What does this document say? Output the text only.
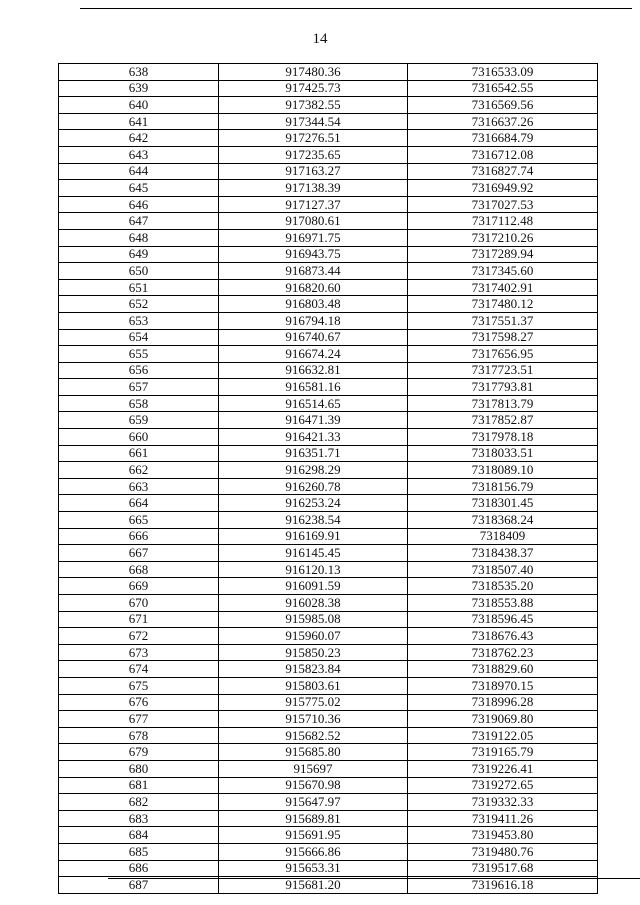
14
638	917480.36	7316533.09
639	917425.73	7316542.55
640	917382.55	7316569.56
641	917344.54	7316637.26
642	917276.51	7316684.79
643	917235.65	7316712.08
644	917163.27	7316827.74
645	917138.39	7316949.92
646	917127.37	7317027.53
647	917080.61	7317112.48
648	916971.75	7317210.26
649	916943.75	7317289.94
650	916873.44	7317345.60
651	916820.60	7317402.91
652	916803.48	7317480.12
653	916794.18	7317551.37
654	916740.67	7317598.27
655	916674.24	7317656.95
656	916632.81	7317723.51
657	916581.16	7317793.81
658	916514.65	7317813.79
659	916471.39	7317852.87
660	916421.33	7317978.18
661	916351.71	7318033.51
662	916298.29	7318089.10
663	916260.78	7318156.79
664	916253.24	7318301.45
665	916238.54	7318368.24
666	916169.91	7318409
667	916145.45	7318438.37
668	916120.13	7318507.40
669	916091.59	7318535.20
670	916028.38	7318553.88
671	915985.08	7318596.45
672	915960.07	7318676.43
673	915850.23	7318762.23
674	915823.84	7318829.60
675	915803.61	7318970.15
676	915775.02	7318996.28
677	915710.36	7319069.80
678	915682.52	7319122.05
679	915685.80	7319165.79
680	915697	7319226.41
681	915670.98	7319272.65
682	915647.97	7319332.33
683	915689.81	7319411.26
684	915691.95	7319453.80
685	915666.86	7319480.76
686	915653.31	7319517.68
687	915681.20	7319616.18
